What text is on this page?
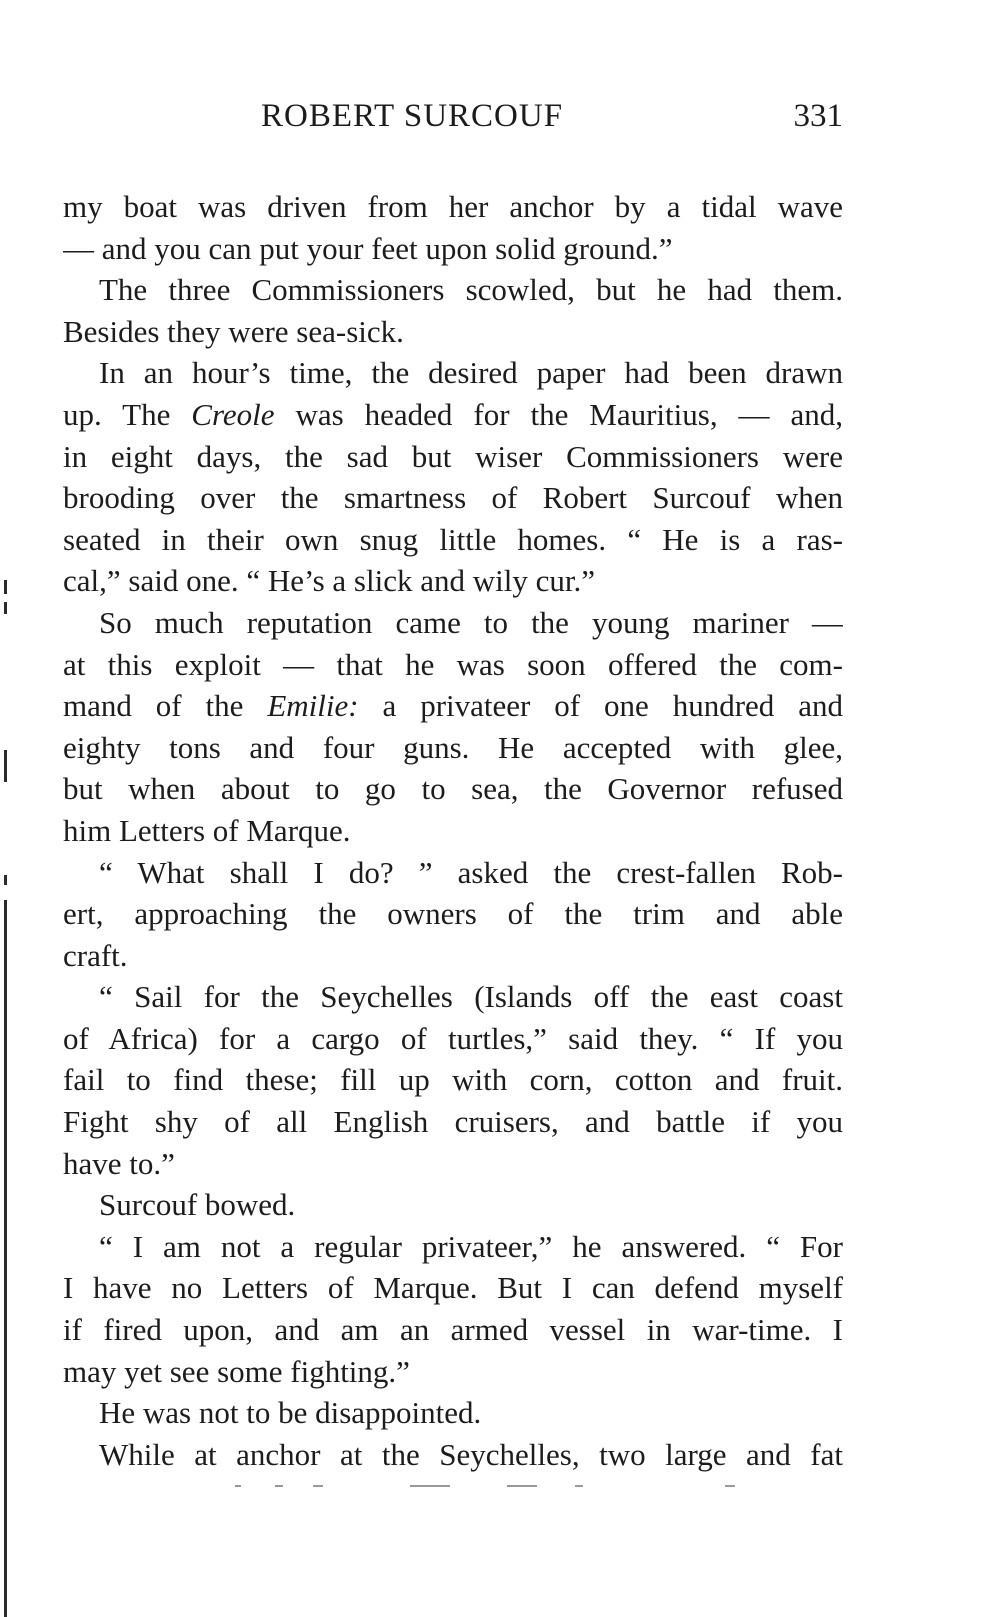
ROBERT SURCOUF	331
my boat was driven from her anchor by a tidal wave
— and you can put your feet upon solid ground.”
The three Commissioners scowled, but he had them.
Besides they were sea-sick.
In an hour’s time, the desired paper had been drawn
up. The Creole was headed for the Mauritius, — and,
in eight days, the sad but wiser Commissioners were
brooding over the smartness of Robert Surcouf when
seated in their own snug little homes. “ He is a ras-
cal,” said one. “ He’s a slick and wily cur.”
So much reputation came to the young mariner —
at this exploit — that he was soon offered the com-
mand of the Emilie: a privateer of one hundred and
eighty tons and four guns. He accepted with glee,
but when about to go to sea, the Governor refused
him Letters of Marque.
“ What shall I do? ” asked the crest-fallen Rob-
ert, approaching the owners of the trim and able
craft.
“ Sail for the Seychelles (Islands off the east coast
of Africa) for a cargo of turtles,” said they. “ If you
fail to find these; fill up with corn, cotton and fruit.
Fight shy of all English cruisers, and battle if you
have to.”
Surcouf bowed.
“ I am not a regular privateer,” he answered. “ For
I have no Letters of Marque. But I can defend myself
if fired upon, and am an armed vessel in war-time. I
may yet see some fighting.”
He was not to be disappointed.
While at anchor at the Seychelles, two large and fat
